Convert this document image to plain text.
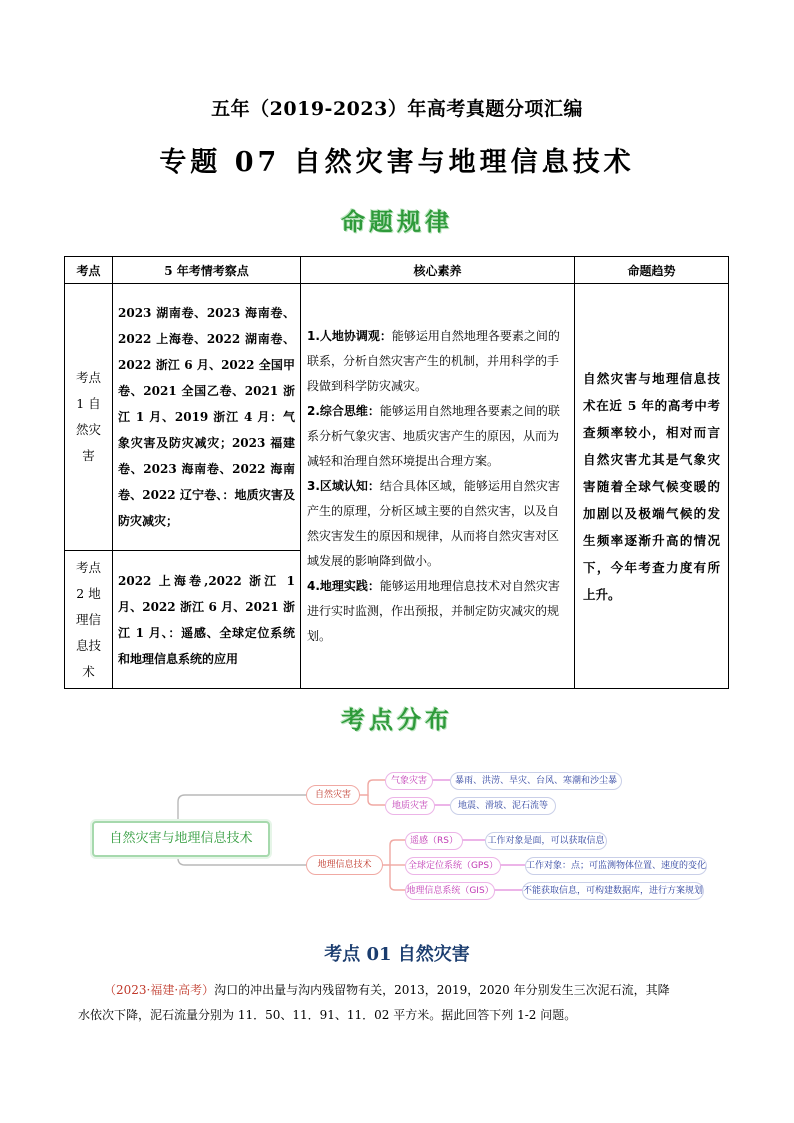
五年（2019-2023）年高考真题分项汇编
专题 07 自然灾害与地理信息技术
命题规律
考点	5 年考情考察点	核心素养	命题趋势
考点 1 自然灾害	2023 湖南卷、2023 海南卷、2022 上海卷、2022 湖南卷、2022 浙江 6 月、2022 全国甲卷、2021 全国乙卷、2021 浙江 1 月、2019 浙江 4 月：气象灾害及防灾减灾；2023 福建卷、2023 海南卷、2022 海南卷、2022 辽宁卷、：地质灾害及防灾减灾；	1.人地协调观：能够运用自然地理各要素之间的联系，分析自然灾害产生的机制，并用科学的手段做到科学防灾减灾。
2.综合思维：能够运用自然地理各要素之间的联系分析气象灾害、地质灾害产生的原因，从而为减轻和治理自然环境提出合理方案。
3.区域认知：结合具体区域，能够运用自然灾害产生的原理，分析区域主要的自然灾害，以及自然灾害发生的原因和规律，从而将自然灾害对区域发展的影响降到做小。
4.地理实践：能够运用地理信息技术对自然灾害进行实时监测，作出预报，并制定防灾减灾的规划。	自然灾害与地理信息技术在近 5 年的高考中考查频率较小，相对而言自然灾害尤其是气象灾害随着全球气候变暖的加剧以及极端气候的发生频率逐渐升高的情况下，今年考查力度有所上升。
考点 2 地理信息技术	2022 上海卷,2022 浙江 1 月、2022 浙江 6 月、2021 浙江 1 月、：遥感、全球定位系统和地理信息系统的应用		
考点分布
自然灾害与地理信息技术
自然灾害
气象灾害	暴雨、洪涝、旱灾、台风、寒潮和沙尘暴
地质灾害	地震、滑坡、泥石流等
地理信息技术
遥感（RS）	工作对象是面，可以获取信息
全球定位系统（GPS）	工作对象：点；可监测物体位置、速度的变化
地理信息系统（GIS）	不能获取信息，可构建数据库，进行方案规划
考点 01 自然灾害
（2023·福建·高考）沟口的冲出量与沟内残留物有关，2013，2019，2020 年分别发生三次泥石流，其降
水依次下降，泥石流量分别为 11．50、11．91、11．02 平方米。据此回答下列 1-2 问题。
